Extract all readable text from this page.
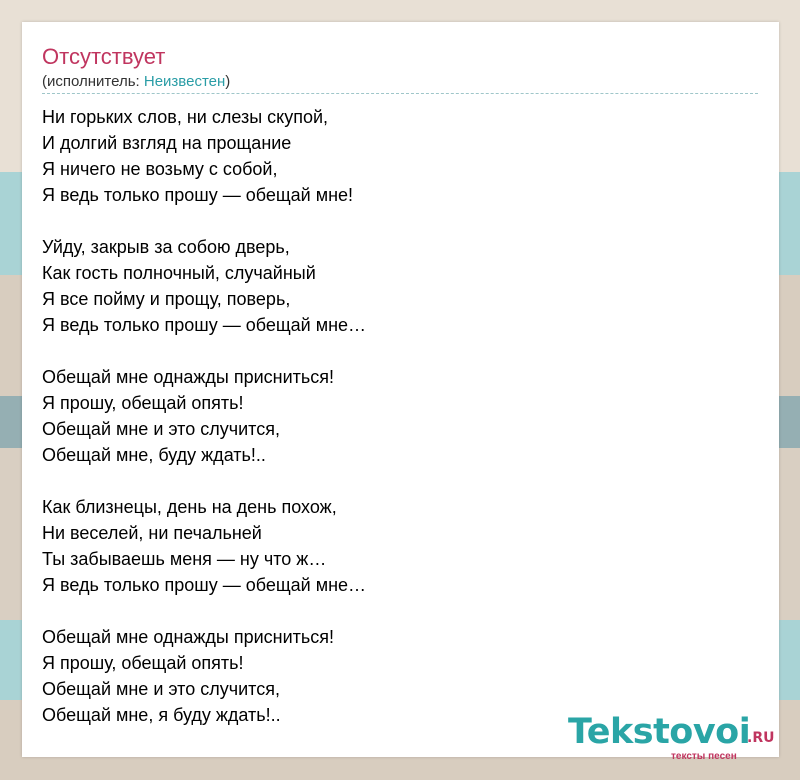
Отсутствует
(исполнитель: Неизвестен)
Ни горьких слов, ни слезы скупой,
И долгий взгляд на прощание
Я ничего не возьму с собой,
Я ведь только прошу — обещай мне!
Уйду, закрыв за собою дверь,
Как гость полночный, случайный
Я все пойму и прощу, поверь,
Я ведь только прошу — обещай мне…
Обещай мне однажды присниться!
Я прошу, обещай опять!
Обещай мне и это случится,
Обещай мне, буду ждать!..
Как близнецы, день на день похож,
Ни веселей, ни печальней
Ты забываешь меня — ну что ж…
Я ведь только прошу — обещай мне…
Обещай мне однажды присниться!
Я прошу, обещай опять!
Обещай мне и это случится,
Обещай мне, я буду ждать!..	Tekstovoi
.RU
тексты песен
